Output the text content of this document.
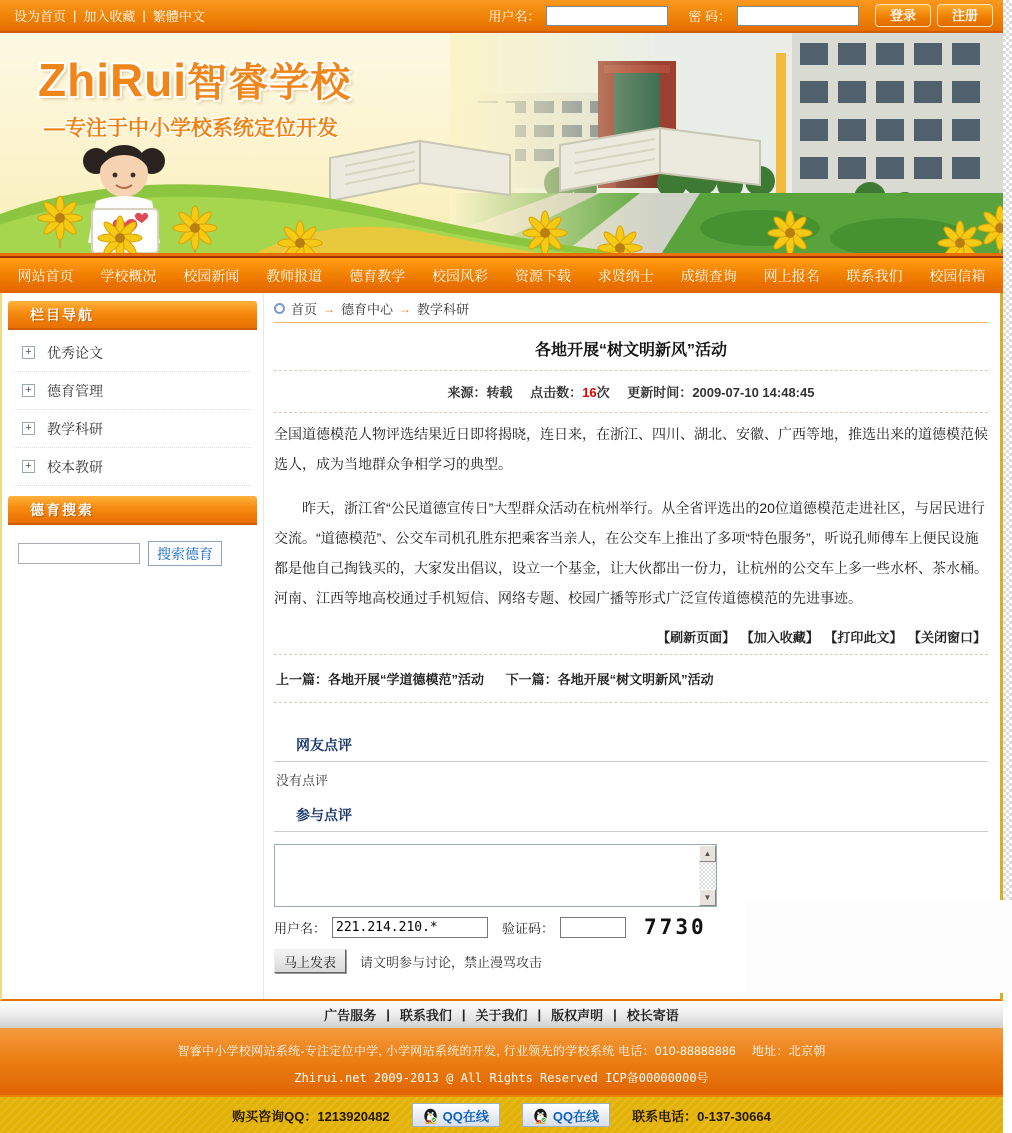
设为首页 | 加入收藏 | 繁體中文	用户名：	密 码：	登录	注册
ZhiRui智睿学校
—专注于中小学校系统定位开发
网站首页	学校概况	校园新闻	教师报道	德育教学	校园风彩	资源下载	求贤纳士	成绩查询	网上报名	联系我们	校园信箱
栏目导航
+ 优秀论文
+ 德育管理
+ 教学科研
+ 校本教研
德育搜索
搜索德育
首页 → 德育中心 → 教学科研
各地开展“树文明新风”活动
来源：转载 点击数：16次 更新时间：2009-07-10 14:48:45

全国道德模范人物评选结果近日即将揭晓，连日来，在浙江、四川、湖北、安徽、广西等地，推选出来的道德模范候选人，成为当地群众争相学习的典型。

　　昨天，浙江省“公民道德宣传日”大型群众活动在杭州举行。从全省评选出的20位道德模范走进社区，与居民进行交流。“道德模范”、公交车司机孔胜东把乘客当亲人，在公交车上推出了多项“特色服务”，听说孔师傅车上便民设施都是他自己掏钱买的，大家发出倡议，设立一个基金，让大伙都出一份力，让杭州的公交车上多一些水杯、茶水桶。河南、江西等地高校通过手机短信、网络专题、校园广播等形式广泛宣传道德模范的先进事迹。

【刷新页面】 【加入收藏】 【打印此文】 【关闭窗口】
上一篇：各地开展“学道德模范”活动 下一篇：各地开展“树文明新风”活动
网友点评
没有点评
参与点评
▲
▼
用户名：
221.214.210.*	验证码：	7730
马上发表	请文明参与讨论，禁止漫骂攻击
广告服务 | 联系我们 | 关于我们 | 版权声明 | 校长寄语
智睿中小学校网站系统-专注定位中学, 小学网站系统的开发, 行业领先的学校系统 电话：010-88888886　 地址：北京朝
Zhirui.net 2009-2013 @ All Rights Reserved ICP备00000000号
购买咨询QQ：1213920482	QQ在线	QQ在线	联系电话：0-137-30664
